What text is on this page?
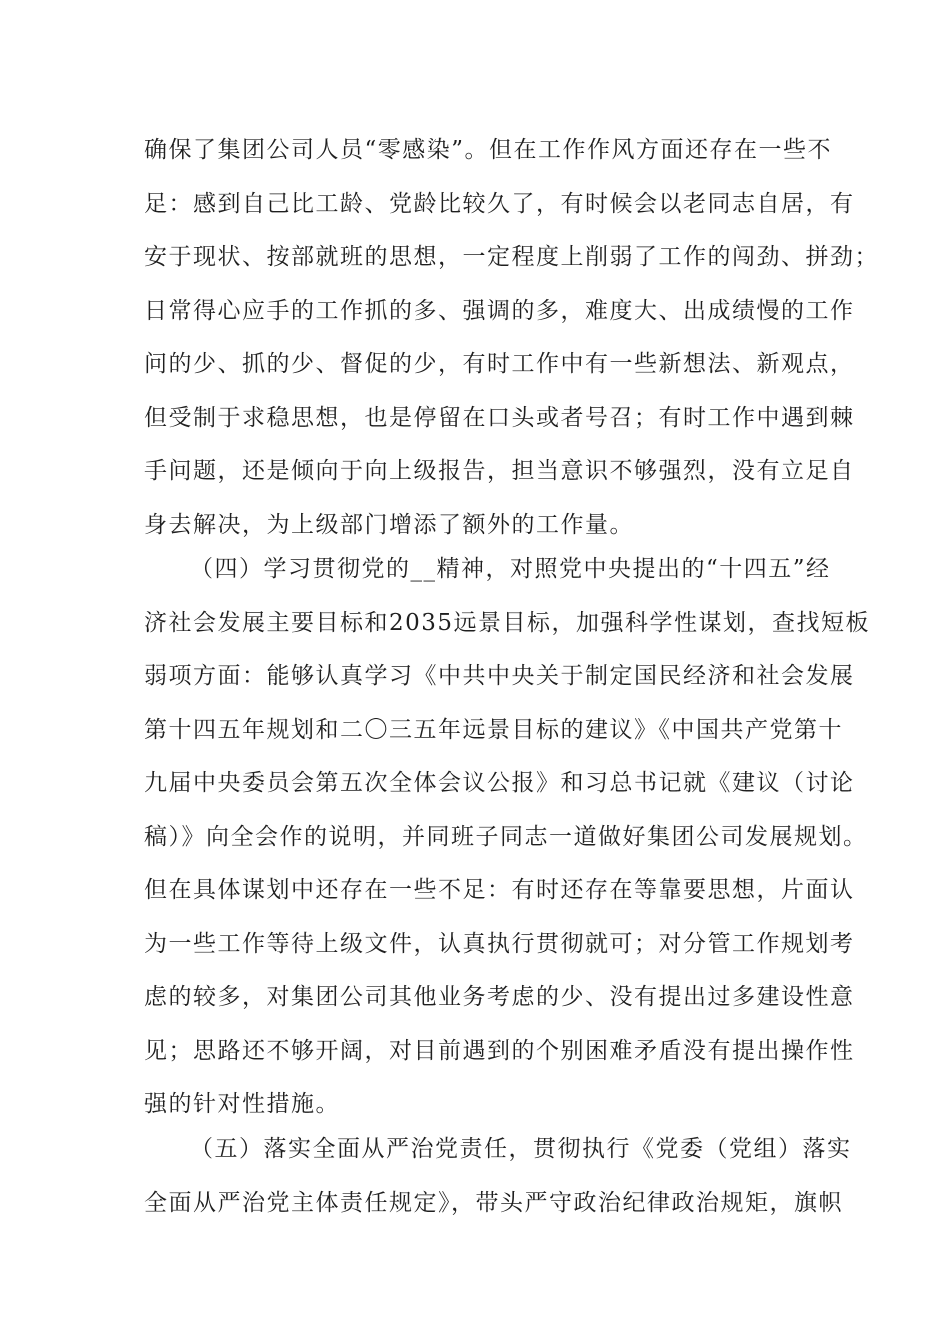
确保了集团公司人员“零感染”。但在工作作风方面还存在一些不
足：感到自己比工龄、党龄比较久了，有时候会以老同志自居，有
安于现状、按部就班的思想，一定程度上削弱了工作的闯劲、拼劲；
日常得心应手的工作抓的多、强调的多，难度大、出成绩慢的工作
问的少、抓的少、督促的少，有时工作中有一些新想法、新观点，
但受制于求稳思想，也是停留在口头或者号召；有时工作中遇到棘
手问题，还是倾向于向上级报告，担当意识不够强烈，没有立足自
身去解决，为上级部门增添了额外的工作量。
（四）学习贯彻党的__精神，对照党中央提出的“十四五”经
济社会发展主要目标和2035远景目标，加强科学性谋划，查找短板
弱项方面：能够认真学习《中共中央关于制定国民经济和社会发展
第十四五年规划和二〇三五年远景目标的建议》《中国共产党第十
九届中央委员会第五次全体会议公报》和习总书记就《建议（讨论
稿）》向全会作的说明，并同班子同志一道做好集团公司发展规划。
但在具体谋划中还存在一些不足：有时还存在等靠要思想，片面认
为一些工作等待上级文件，认真执行贯彻就可；对分管工作规划考
虑的较多，对集团公司其他业务考虑的少、没有提出过多建设性意
见；思路还不够开阔，对目前遇到的个别困难矛盾没有提出操作性
强的针对性措施。
（五）落实全面从严治党责任，贯彻执行《党委（党组）落实
全面从严治党主体责任规定》，带头严守政治纪律政治规矩，旗帜
